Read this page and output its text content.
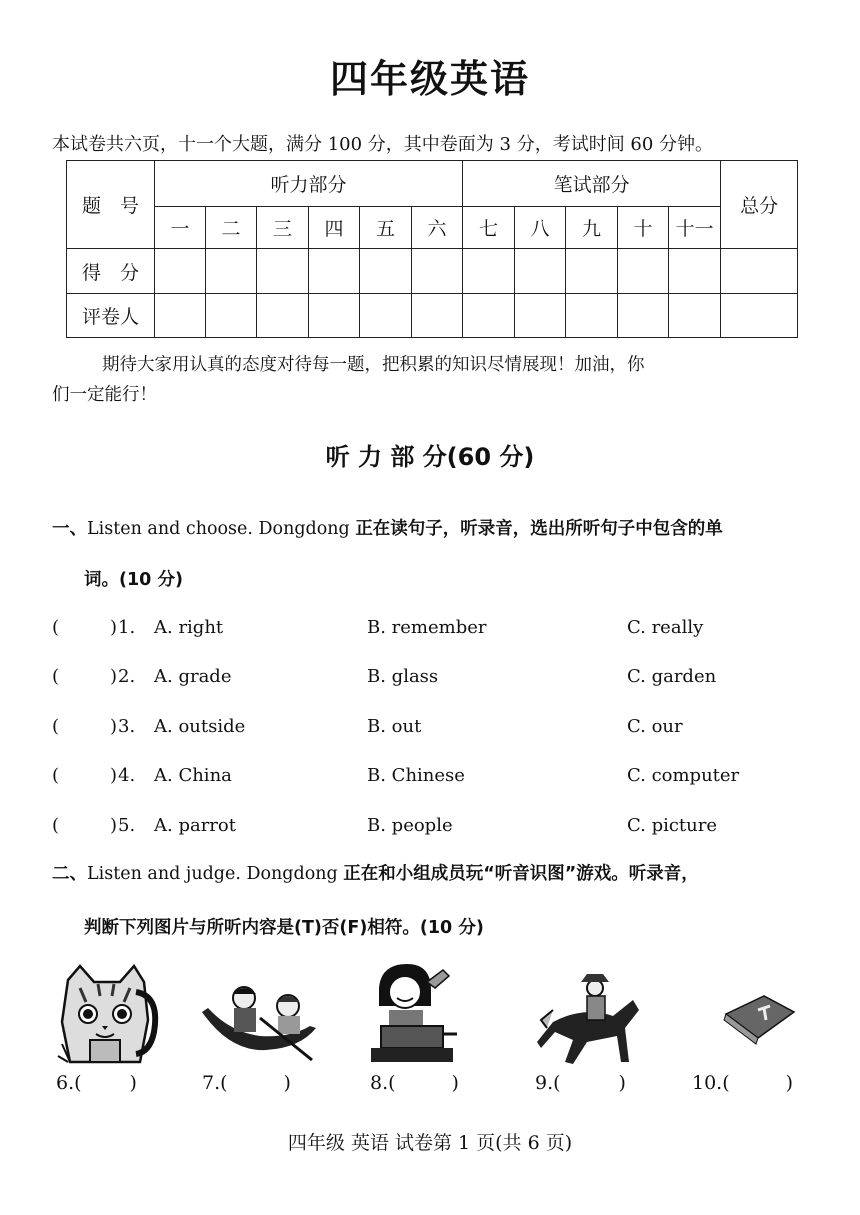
四年级英语
本试卷共六页，十一个大题，满分 100 分，其中卷面为 3 分，考试时间 60 分钟。
题　号	听力部分						笔试部分					总分
	一	二	三	四	五	六	七	八	九	十	十一	
得　分												
评卷人												
期待大家用认真的态度对待每一题，把积累的知识尽情展现！加油，你
们一定能行！
听 力 部 分(60 分)
一、Listen and choose. Dongdong 正在读句子，听录音，选出所听句子中包含的单
词。(10 分)
(	) 1. A. right	B. remember	C. really
(	) 2. A. grade	B. glass	C. garden
(	) 3. A. outside	B. out	C. our
(	) 4. A. China	B. Chinese	C. computer
(	) 5. A. parrot	B. people	C. picture
二、Listen and judge. Dongdong 正在和小组成员玩“听音识图”游戏。听录音，
判断下列图片与所听内容是(T)否(F)相符。(10 分)
6.(	)	7.(	)	8.(	)	9.(	)	10.(	)
四年级 英语 试卷第 1 页(共 6 页)
